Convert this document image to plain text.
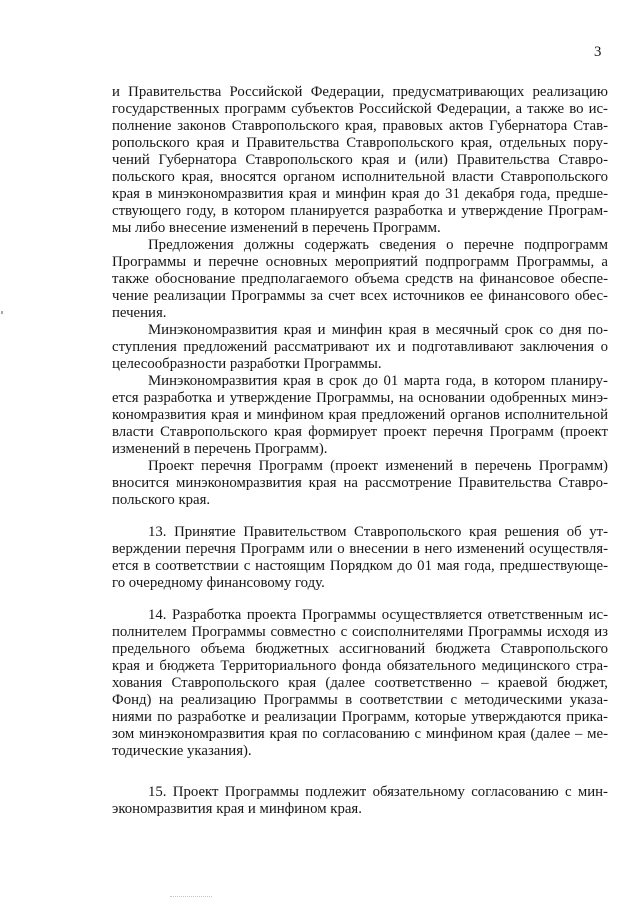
3
и Правительства Российской Федерации, предусматривающих реализацию
государственных программ субъектов Российской Федерации, а также во ис-
полнение законов Ставропольского края, правовых актов Губернатора Став-
ропольского края и Правительства Ставропольского края, отдельных пору-
чений Губернатора Ставропольского края и (или) Правительства Ставро-
польского края, вносятся органом исполнительной власти Ставропольского
края в минэкономразвития края и минфин края до 31 декабря года, предше-
ствующего году, в котором планируется разработка и утверждение Програм-
мы либо внесение изменений в перечень Программ.
Предложения должны содержать сведения о перечне подпрограмм
Программы и перечне основных мероприятий подпрограмм Программы, а
также обоснование предполагаемого объема средств на финансовое обеспе-
чение реализации Программы за счет всех источников ее финансового обес-
печения.
Минэкономразвития края и минфин края в месячный срок со дня по-
ступления предложений рассматривают их и подготавливают заключения о
целесообразности разработки Программы.
Минэкономразвития края в срок до 01 марта года, в котором планиру-
ется разработка и утверждение Программы, на основании одобренных минэ-
кономразвития края и минфином края предложений органов исполнительной
власти Ставропольского края формирует проект перечня Программ (проект
изменений в перечень Программ).
Проект перечня Программ (проект изменений в перечень Программ)
вносится минэкономразвития края на рассмотрение Правительства Ставро-
польского края.
13. Принятие Правительством Ставропольского края решения об ут-
верждении перечня Программ или о внесении в него изменений осуществля-
ется в соответствии с настоящим Порядком до 01 мая года, предшествующе-
го очередному финансовому году.
14. Разработка проекта Программы осуществляется ответственным ис-
полнителем Программы совместно с соисполнителями Программы исходя из
предельного объема бюджетных ассигнований бюджета Ставропольского
края и бюджета Территориального фонда обязательного медицинского стра-
хования Ставропольского края (далее соответственно – краевой бюджет,
Фонд) на реализацию Программы в соответствии с методическими указа-
ниями по разработке и реализации Программ, которые утверждаются прика-
зом минэкономразвития края по согласованию с минфином края (далее – ме-
тодические указания).
15. Проект Программы подлежит обязательному согласованию с мин-
экономразвития края и минфином края.
